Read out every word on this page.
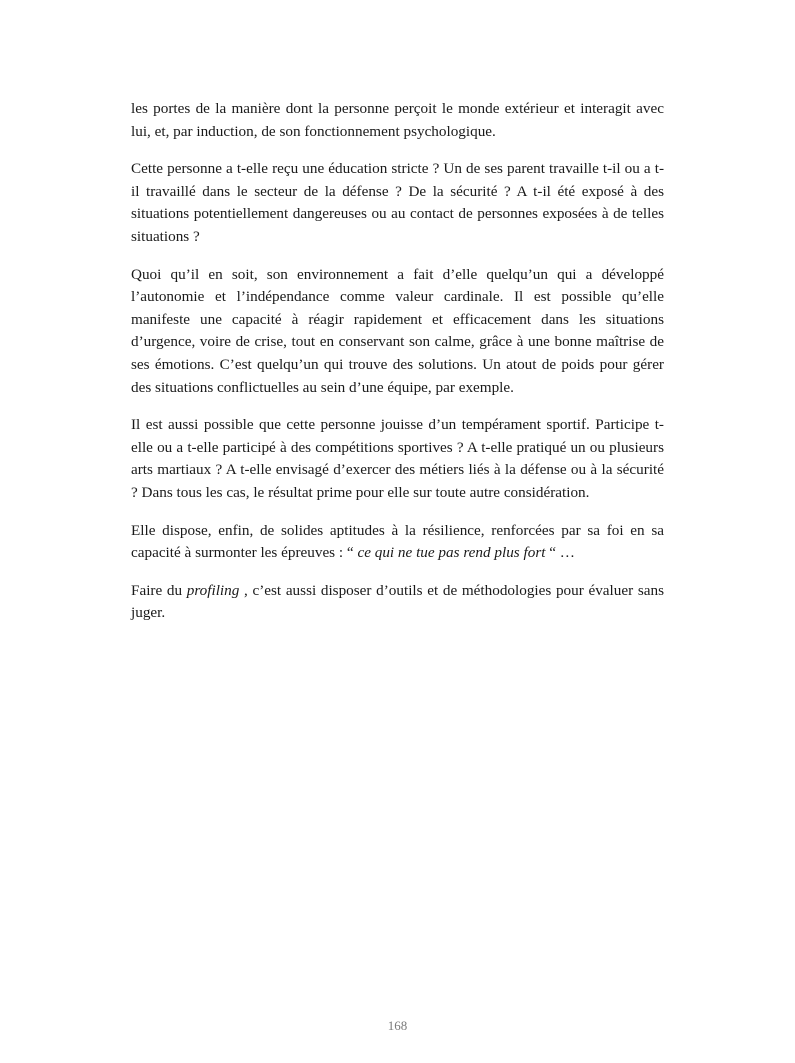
les portes de la manière dont la personne perçoit le monde extérieur et interagit avec lui, et, par induction, de son fonctionnement psychologique.

Cette personne a t-elle reçu une éducation stricte ? Un de ses parent travaille t-il ou a t-il travaillé dans le secteur de la défense ? De la sécurité ? A t-il été exposé à des situations potentiellement dangereuses ou au contact de personnes exposées à de telles situations ?

Quoi qu’il en soit, son environnement a fait d’elle quelqu’un qui a développé l’autonomie et l’indépendance comme valeur cardinale. Il est possible qu’elle manifeste une capacité à réagir rapidement et efficacement dans les situations d’urgence, voire de crise, tout en conservant son calme, grâce à une bonne maîtrise de ses émotions. C’est quelqu’un qui trouve des solutions. Un atout de poids pour gérer des situations conflictuelles au sein d’une équipe, par exemple.

Il est aussi possible que cette personne jouisse d’un tempérament sportif. Participe t-elle ou a t-elle participé à des compétitions sportives ? A t-elle pratiqué un ou plusieurs arts martiaux ? A t-elle envisagé d’exercer des métiers liés à la défense ou à la sécurité ? Dans tous les cas, le résultat prime pour elle sur toute autre considération.

Elle dispose, enfin, de solides aptitudes à la résilience, renforcées par sa foi en sa capacité à surmonter les épreuves : “ ce qui ne tue pas rend plus fort “ …

Faire du profiling , c’est aussi disposer d’outils et de méthodologies pour évaluer sans juger.

168
